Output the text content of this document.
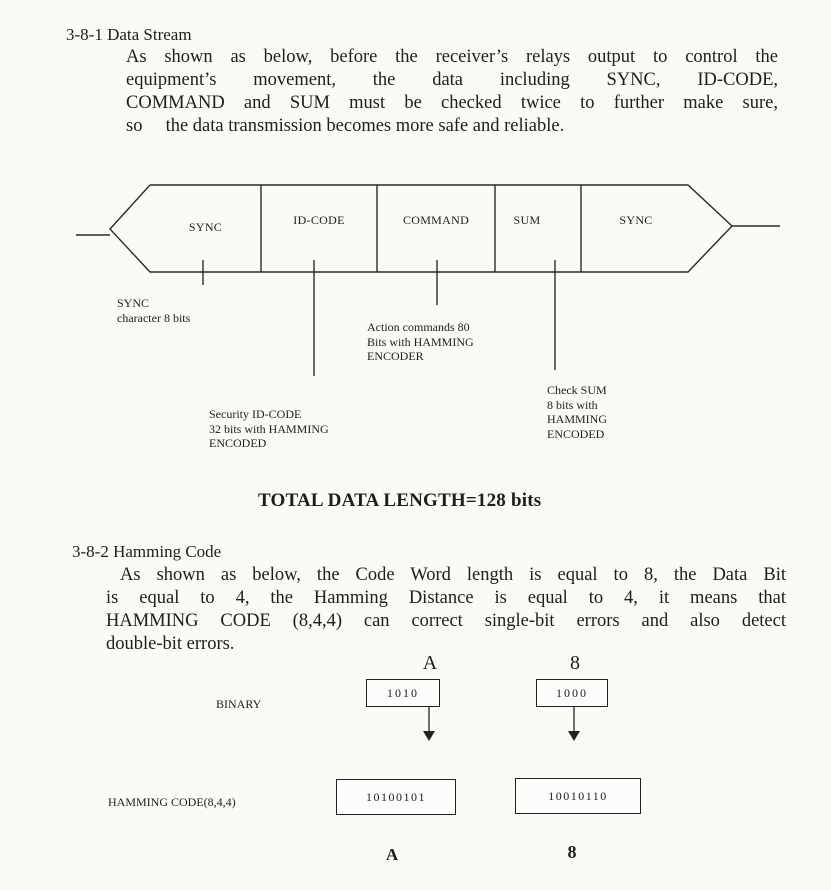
3-8-1 Data Stream
As shown as below, before the receiver’s relays output to control the
equipment’s movement, the data including SYNC, ID-CODE,
COMMAND and SUM must be checked twice to further make sure,
so  the data transmission becomes more safe and reliable.
SYNC	ID-CODE	COMMAND	SUM	SYNC
SYNC
character 8 bits
Action commands 80
Bits with HAMMING
ENCODER
Check SUM
8 bits with
HAMMING
ENCODED
Security ID-CODE
32 bits with HAMMING
ENCODED
TOTAL DATA LENGTH=128 bits
3-8-2 Hamming Code
As shown as below, the Code Word length is equal to 8, the Data Bit
is equal to 4, the Hamming Distance is equal to 4, it means that
HAMMING CODE (8,4,4) can correct single-bit errors and also detect
double-bit errors.
A	8
BINARY
1010	1000
HAMMING CODE(8,4,4)	10100101	10010110
A	8
